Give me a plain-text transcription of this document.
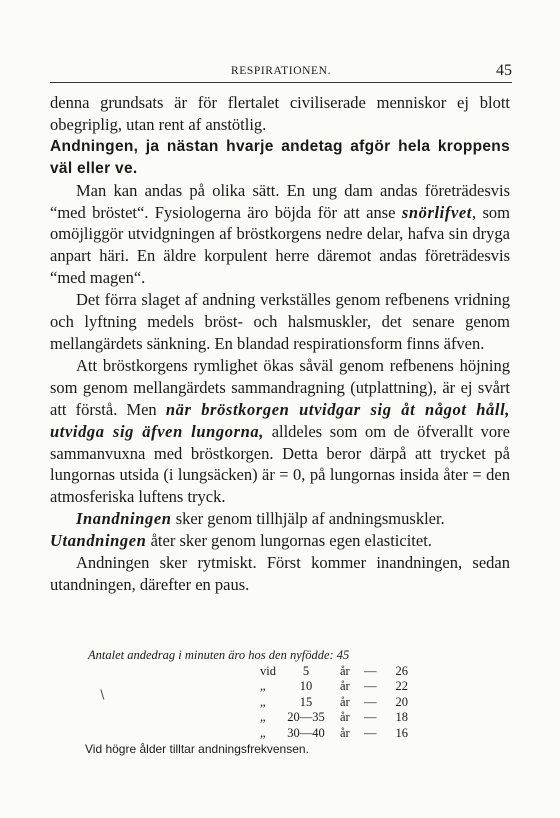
RESPIRATIONEN.	45

denna grundsats är för flertalet civiliserade menniskor ej blott obegriplig, utan rent af anstötlig.

Andningen, ja nästan hvarje andetag afgör hela kroppens väl eller ve.

Man kan andas på olika sätt. En ung dam andas företrädesvis “med bröstet“. Fysiologerna äro böjda för att anse snörlifvet, som omöjliggör utvidgningen af bröstkorgens nedre delar, hafva sin dryga anpart häri. En äldre korpulent herre däremot andas företrädesvis “med magen“.

Det förra slaget af andning verkställes genom refbenens vridning och lyftning medels bröst- och halsmuskler, det senare genom mellangärdets sänkning. En blandad respirationsform finns äfven.

Att bröstkorgens rymlighet ökas såväl genom refbenens höjning som genom mellangärdets sammandragning (utplattning), är ej svårt att förstå. Men när bröstkorgen utvidgar sig åt något håll, utvidga sig äfven lungorna, alldeles som om de öfverallt vore sammanvuxna med bröstkorgen. Detta beror därpå att trycket på lungornas utsida (i lungsäcken) är = 0, på lungornas insida åter = den atmosferiska luftens tryck.

Inandningen sker genom tillhjälp af andningsmuskler.

Utandningen åter sker genom lungornas egen elasticitet.

Andningen sker rytmiskt. Först kommer inandningen, sedan utandningen, därefter en paus.

Antalet andedrag i minuten äro hos den nyfödde: 45
vid	5	år —	26
„	10	år —	22
„	15	år —	20
„	20—35	år —	18
„	30—40	år —	16
Vid högre ålder tilltar andningsfrekvensen.
∖
